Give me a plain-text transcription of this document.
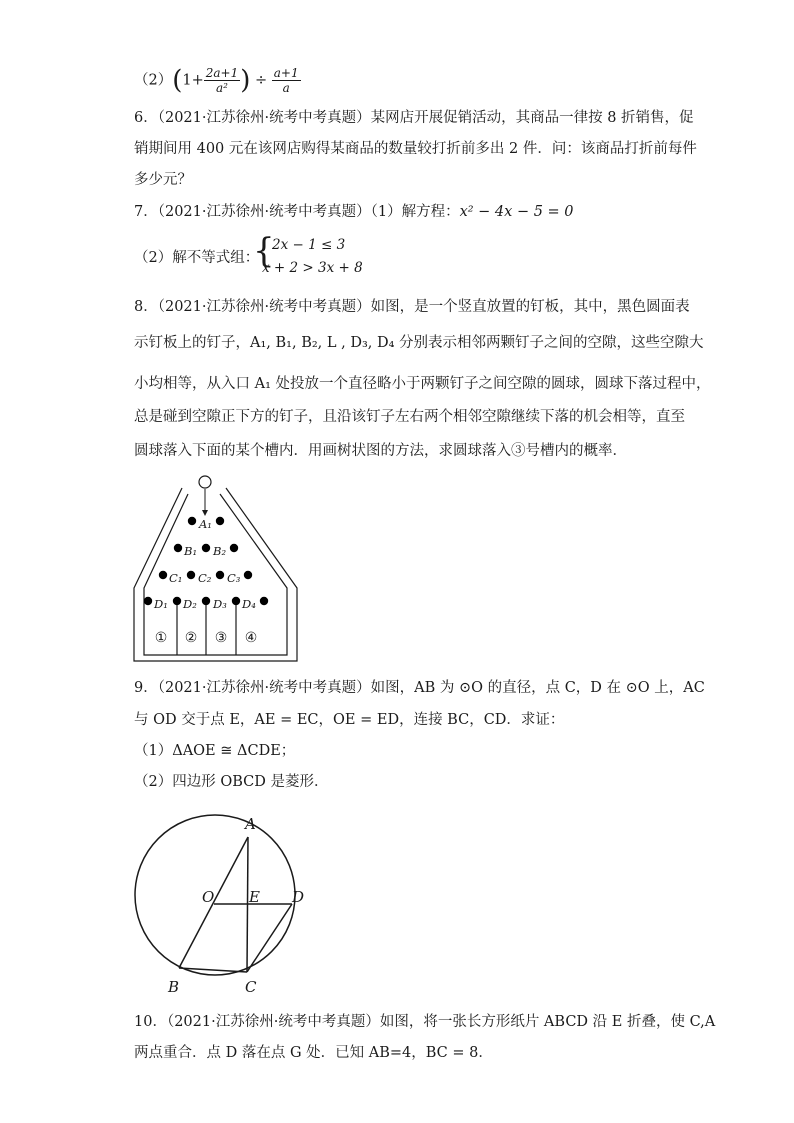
$(2)(1+ \frac{2a+1}{\text{a²}}$ ) ÷ $\frac{a+1}{a}$
6．（2021·江苏徐州·统考中考真题）某网店开展促销活动，其商品一律按 8 折销售，促
销期间用 400 元在该网店购得某商品的数量较打折前多出 2 件．问：该商品打折前每件
多少元？
7．（2021·江苏徐州·统考中考真题）（1）解方程：x² − 4x − 5 = 0
（2）解不等式组：
{
2x − 1 ≤ 3
x + 2 > 3x + 8
8．（2021·江苏徐州·统考中考真题）如图，是一个竖直放置的钉板，其中，黑色圆面表
示钉板上的钉子，A₁, B₁, B₂, L , D₃, D₄ 分别表示相邻两颗钉子之间的空隙，这些空隙大
小均相等，从入口 A₁ 处投放一个直径略小于两颗钉子之间空隙的圆球，圆球下落过程中，
总是碰到空隙正下方的钉子，且沿该钉子左右两个相邻空隙继续下落的机会相等，直至
圆球落入下面的某个槽内．用画树状图的方法，求圆球落入③号槽内的概率．
A₁
B₁ B₂
C₁ C₂ C₃
D₁ D₂ D₃ D₄
① ② ③ ④
9．（2021·江苏徐州·统考中考真题）如图，AB 为 ⊙O 的直径，点 C，D 在 ⊙O 上，AC
与 OD 交于点 E，AE = EC，OE = ED，连接 BC，CD．求证：
（1）ΔAOE ≅ ΔCDE；
（2）四边形 OBCD 是菱形．
A
O E D
B	C
10．（2021·江苏徐州·统考中考真题）如图，将一张长方形纸片 ABCD 沿 E 折叠，使 C,A
两点重合．点 D 落在点 G 处．已知 AB=4，BC = 8．
